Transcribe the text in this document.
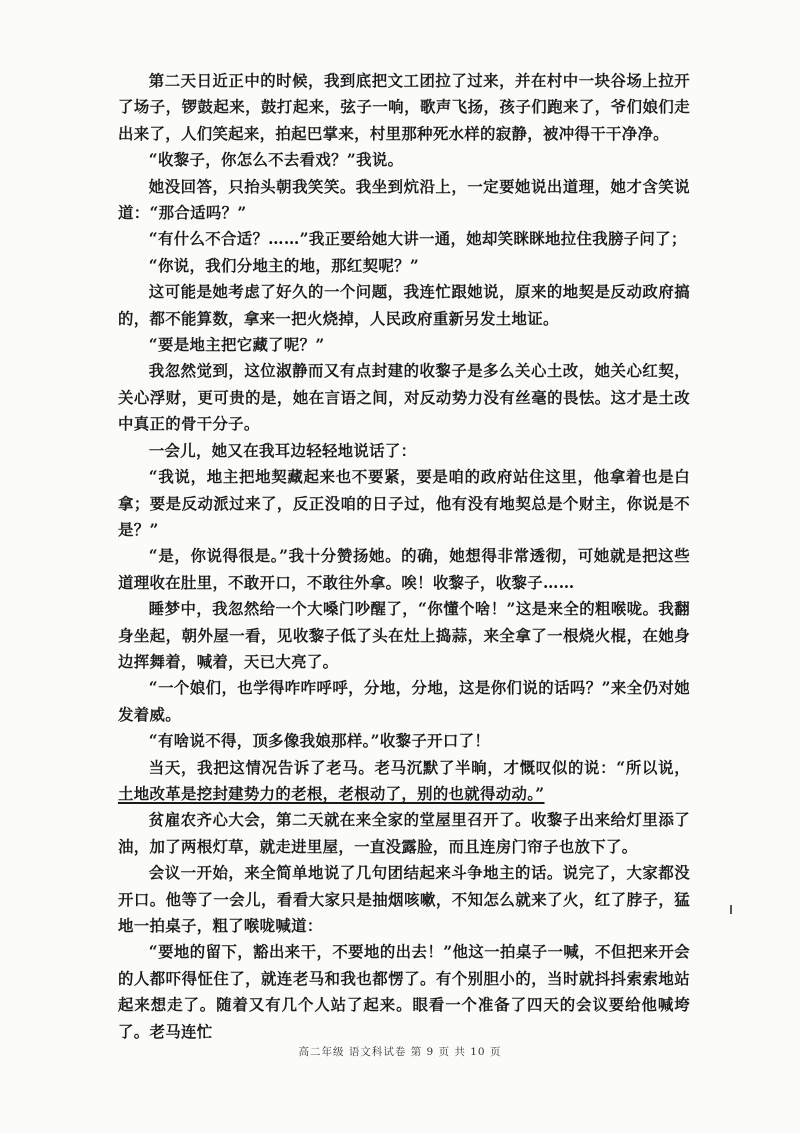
第二天日近正中的时候，我到底把文工团拉了过来，并在村中一块谷场上拉开了场子，锣鼓起来，鼓打起来，弦子一响，歌声飞扬，孩子们跑来了，爷们娘们走出来了，人们笑起来，拍起巴掌来，村里那种死水样的寂静，被冲得干干净净。

“收黎子，你怎么不去看戏？”我说。

她没回答，只抬头朝我笑笑。我坐到炕沿上，一定要她说出道理，她才含笑说道：“那合适吗？”

“有什么不合适？……”我正要给她大讲一通，她却笑眯眯地拉住我膀子问了；

“你说，我们分地主的地，那红契呢？”

这可能是她考虑了好久的一个问题，我连忙跟她说，原来的地契是反动政府搞的，都不能算数，拿来一把火烧掉，人民政府重新另发土地证。

“要是地主把它藏了呢？”

我忽然觉到，这位淑静而又有点封建的收黎子是多么关心土改，她关心红契，关心浮财，更可贵的是，她在言语之间，对反动势力没有丝毫的畏怯。这才是土改中真正的骨干分子。

一会儿，她又在我耳边轻轻地说话了：

“我说，地主把地契藏起来也不要紧，要是咱的政府站住这里，他拿着也是白拿；要是反动派过来了，反正没咱的日子过，他有没有地契总是个财主，你说是不是？”

“是，你说得很是。”我十分赞扬她。的确，她想得非常透彻，可她就是把这些道理收在肚里，不敢开口，不敢往外拿。唉！收黎子，收黎子……

睡梦中，我忽然给一个大嗓门吵醒了，“你懂个啥！”这是来全的粗喉咙。我翻身坐起，朝外屋一看，见收黎子低了头在灶上捣蒜，来全拿了一根烧火棍，在她身边挥舞着，喊着，天已大亮了。

“一个娘们，也学得咋咋呼呼，分地，分地，这是你们说的话吗？”来全仍对她发着威。

“有啥说不得，顶多像我娘那样。”收黎子开口了！

当天，我把这情况告诉了老马。老马沉默了半晌，才慨叹似的说：“所以说，土地改革是挖封建势力的老根，老根动了，别的也就得动动。”

贫雇农齐心大会，第二天就在来全家的堂屋里召开了。收黎子出来给灯里添了油，加了两根灯草，就走进里屋，一直没露脸，而且连房门帘子也放下了。

会议一开始，来全简单地说了几句团结起来斗争地主的话。说完了，大家都没开口。他等了一会儿，看看大家只是抽烟咳嗽，不知怎么就来了火，红了脖子，猛地一拍桌子，粗了喉咙喊道：

“要地的留下，豁出来干，不要地的出去！”他这一拍桌子一喊，不但把来开会的人都吓得怔住了，就连老马和我也都愣了。有个别胆小的，当时就抖抖索索地站起来想走了。随着又有几个人站了起来。眼看一个准备了四天的会议要给他喊垮了。老马连忙

高二年级 语文科试卷 第 9 页 共 10 页
